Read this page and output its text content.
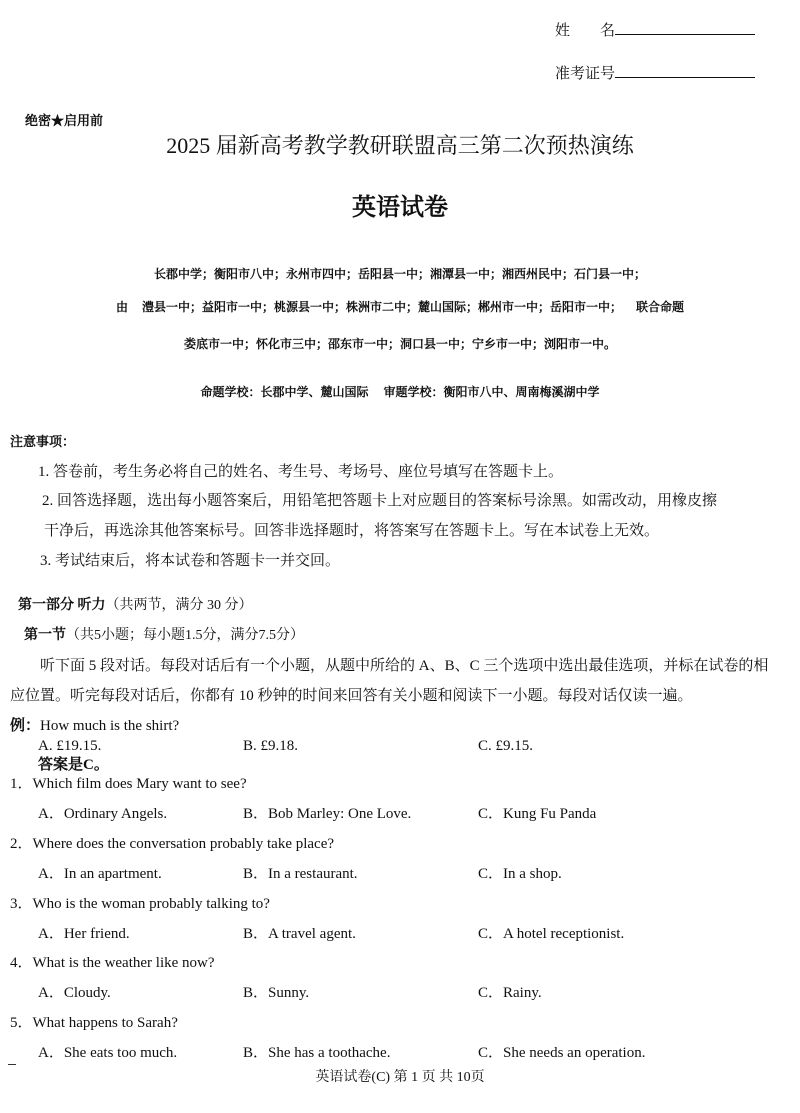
姓　　名
准考证号
绝密★启用前
2025 届新高考教学教研联盟高三第二次预热演练
英语试卷
长郡中学；衡阳市八中；永州市四中；岳阳县一中；湘潭县一中；湘西州民中；石门县一中；
由 澧县一中；益阳市一中；桃源县一中；株洲市二中；麓山国际；郴州市一中；岳阳市一中； 联合命题
娄底市一中；怀化市三中；邵东市一中；洞口县一中；宁乡市一中；浏阳市一中。
命题学校：长郡中学、麓山国际　 审题学校：衡阳市八中、周南梅溪湖中学
注意事项：
1. 答卷前，考生务必将自己的姓名、考生号、考场号、座位号填写在答题卡上。
2. 回答选择题，选出每小题答案后，用铅笔把答题卡上对应题目的答案标号涂黑。如需改动，用橡皮擦
干净后，再选涂其他答案标号。回答非选择题时，将答案写在答题卡上。写在本试卷上无效。
3. 考试结束后，将本试卷和答题卡一并交回。
第一部分 听力（共两节，满分 30 分）
第一节（共5小题；每小题1.5分，满分7.5分）
听下面 5 段对话。每段对话后有一个小题，从题中所给的 A、B、C 三个选项中选出最佳选项，并标在试卷的相
应位置。听完每段对话后，你都有 10 秒钟的时间来回答有关小题和阅读下一小题。每段对话仅读一遍。
例：How much is the shirt?
A. £19.15.	B. £9.18.	C. £9.15.
答案是C。
1．Which film does Mary want to see?
A．Ordinary Angels.	B．Bob Marley: One Love.	C．Kung Fu Panda
2．Where does the conversation probably take place?
A．In an apartment.	B．In a restaurant.	C．In a shop.
3．Who is the woman probably talking to?
A．Her friend.	B．A travel agent.	C．A hotel receptionist.
4．What is the weather like now?
A．Cloudy.	B．Sunny.	C．Rainy.
5．What happens to Sarah?
A．She eats too much.	B．She has a toothache.	C．She needs an operation.
英语试卷(C) 第 1 页 共 10页
